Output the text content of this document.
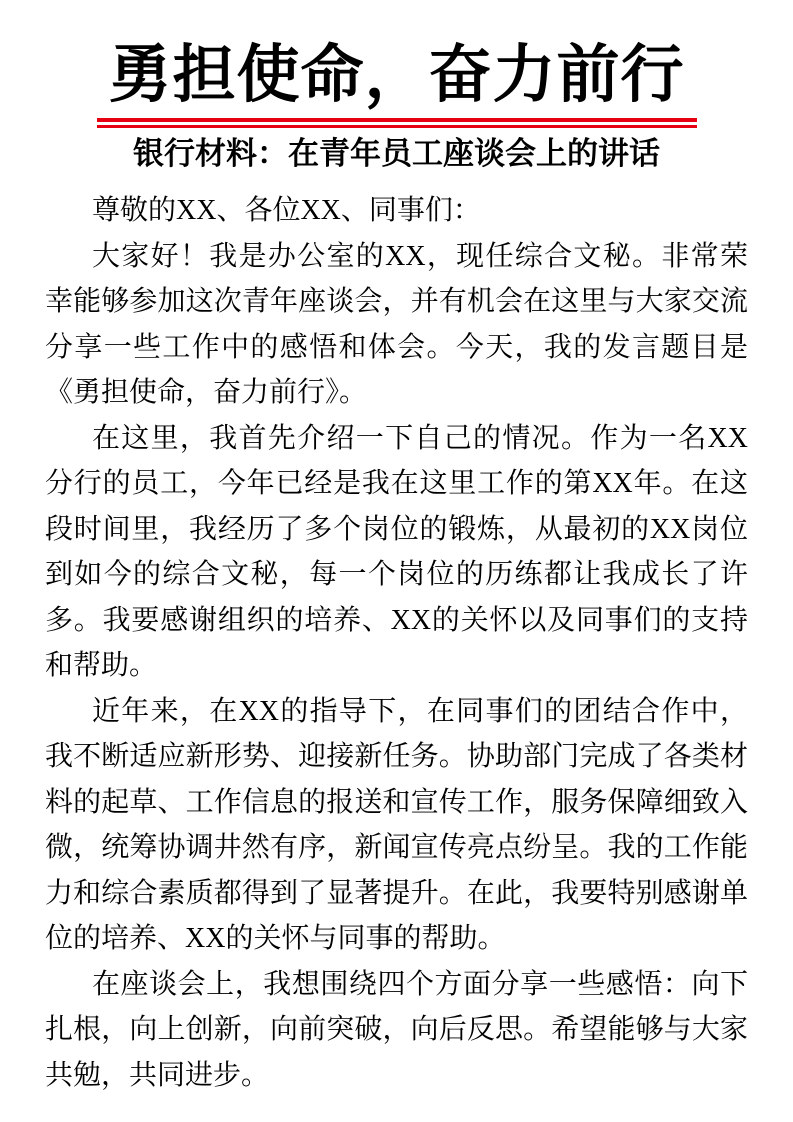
勇担使命，奋力前行
银行材料：在青年员工座谈会上的讲话

尊敬的XX、各位XX、同事们：

大家好！我是办公室的XX，现任综合文秘。非常荣幸能够参加这次青年座谈会，并有机会在这里与大家交流分享一些工作中的感悟和体会。今天，我的发言题目是《勇担使命，奋力前行》。

在这里，我首先介绍一下自己的情况。作为一名XX分行的员工，今年已经是我在这里工作的第XX年。在这段时间里，我经历了多个岗位的锻炼，从最初的XX岗位到如今的综合文秘，每一个岗位的历练都让我成长了许多。我要感谢组织的培养、XX的关怀以及同事们的支持和帮助。

近年来，在XX的指导下，在同事们的团结合作中，我不断适应新形势、迎接新任务。协助部门完成了各类材料的起草、工作信息的报送和宣传工作，服务保障细致入微，统筹协调井然有序，新闻宣传亮点纷呈。我的工作能力和综合素质都得到了显著提升。在此，我要特别感谢单位的培养、XX的关怀与同事的帮助。

在座谈会上，我想围绕四个方面分享一些感悟：向下扎根，向上创新，向前突破，向后反思。希望能够与大家共勉，共同进步。
